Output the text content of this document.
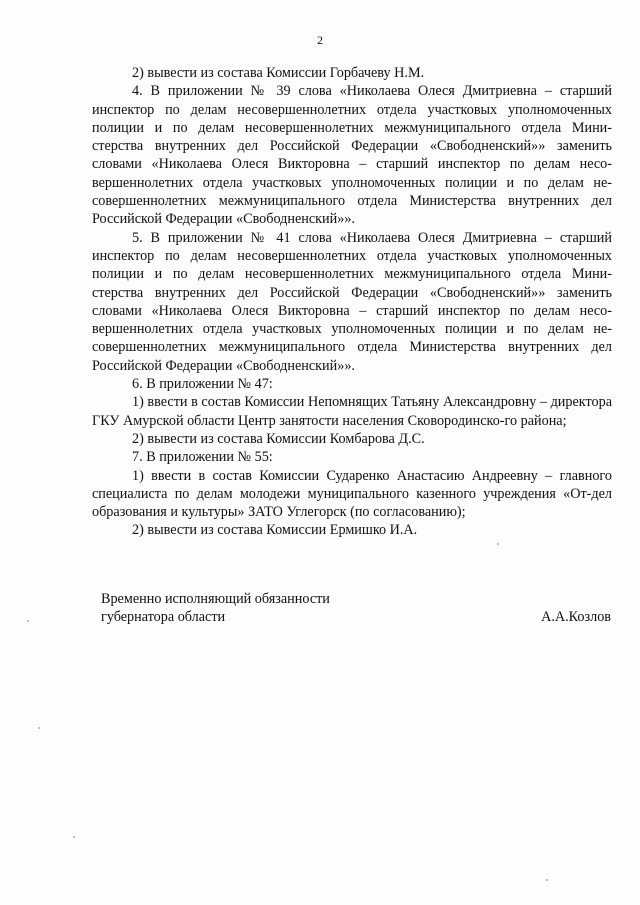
2

2) вывести из состава Комиссии Горбачеву Н.М.

4. В приложении № 39 слова «Николаева Олеся Дмитриевна – старший инспектор по делам несовершеннолетних отдела участковых уполномоченных полиции и по делам несовершеннолетних межмуниципального отдела Мини-стерства внутренних дел Российской Федерации «Свободненский»» заменить словами «Николаева Олеся Викторовна – старший инспектор по делам несо-вершеннолетних отдела участковых уполномоченных полиции и по делам не-совершеннолетних межмуниципального отдела Министерства внутренних дел Российской Федерации «Свободненский»».

5. В приложении № 41 слова «Николаева Олеся Дмитриевна – старший инспектор по делам несовершеннолетних отдела участковых уполномоченных полиции и по делам несовершеннолетних межмуниципального отдела Мини-стерства внутренних дел Российской Федерации «Свободненский»» заменить словами «Николаева Олеся Викторовна – старший инспектор по делам несо-вершеннолетних отдела участковых уполномоченных полиции и по делам не-совершеннолетних межмуниципального отдела Министерства внутренних дел Российской Федерации «Свободненский»».

6. В приложении № 47:

1) ввести в состав Комиссии Непомнящих Татьяну Александровну – директора ГКУ Амурской области Центр занятости населения Сковородинско-го района;

2) вывести из состава Комиссии Комбарова Д.С.

7. В приложении № 55:

1) ввести в состав Комиссии Сударенко Анастасию Андреевну – главного специалиста по делам молодежи муниципального казенного учреждения «От-дел образования и культуры» ЗАТО Углегорск (по согласованию);

2) вывести из состава Комиссии Ермишко И.А.

Временно исполняющий обязанности
губернатора области	А.А.Козлов
